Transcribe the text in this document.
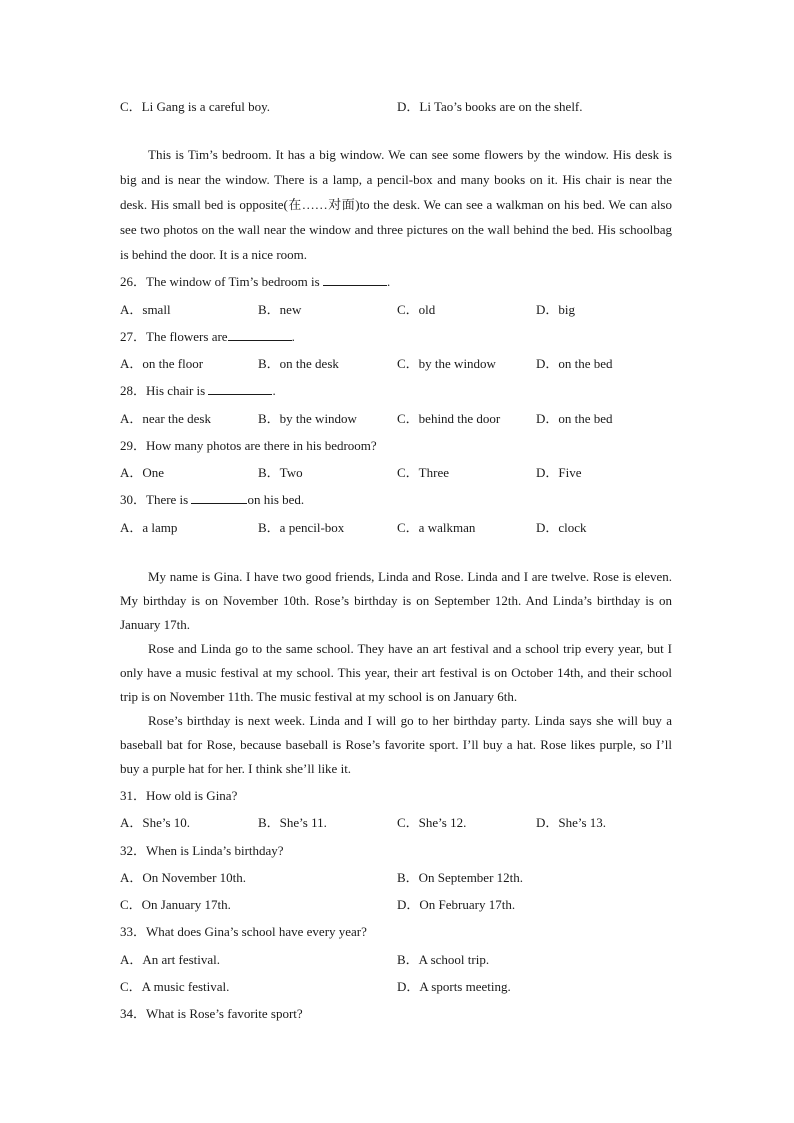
C．Li Gang is a careful boy.	D．Li Tao’s books are on the shelf.
This is Tim’s bedroom. It has a big window. We can see some flowers by the window. His desk is big and is near the window. There is a lamp, a pencil-box and many books on it. His chair is near the desk. His small bed is opposite(在……对面)to the desk. We can see a walkman on his bed. We can also see two photos on the wall near the window and three pictures on the wall behind the bed. His schoolbag is behind the door. It is a nice room.
26．The window of Tim’s bedroom is	.
A．small	B．new	C．old	D．big
27．The flowers are	.
A．on the floor	B．on the desk	C．by the window	D．on the bed
28．His chair is	.
A．near the desk	B．by the window	C．behind the door	D．on the bed
29．How many photos are there in his bedroom?
A．One	B．Two	C．Three	D．Five
30．There is	on his bed.
A．a lamp	B．a pencil-box	C．a walkman	D．clock
My name is Gina. I have two good friends, Linda and Rose. Linda and I are twelve. Rose is eleven. My birthday is on November 10th. Rose’s birthday is on September 12th. And Linda’s birthday is on January 17th.
Rose and Linda go to the same school. They have an art festival and a school trip every year, but I only have a music festival at my school. This year, their art festival is on October 14th, and their school trip is on November 11th. The music festival at my school is on January 6th.
Rose’s birthday is next week. Linda and I will go to her birthday party. Linda says she will buy a baseball bat for Rose, because baseball is Rose’s favorite sport. I’ll buy a hat. Rose likes purple, so I’ll buy a purple hat for her. I think she’ll like it.
31．How old is Gina?
A．She’s 10.	B．She’s 11.	C．She’s 12.	D．She’s 13.
32．When is Linda’s birthday?
A．On November 10th.	B．On September 12th.
C．On January 17th.	D．On February 17th.
33．What does Gina’s school have every year?
A．An art festival.	B．A school trip.
C．A music festival.	D．A sports meeting.
34．What is Rose’s favorite sport?
